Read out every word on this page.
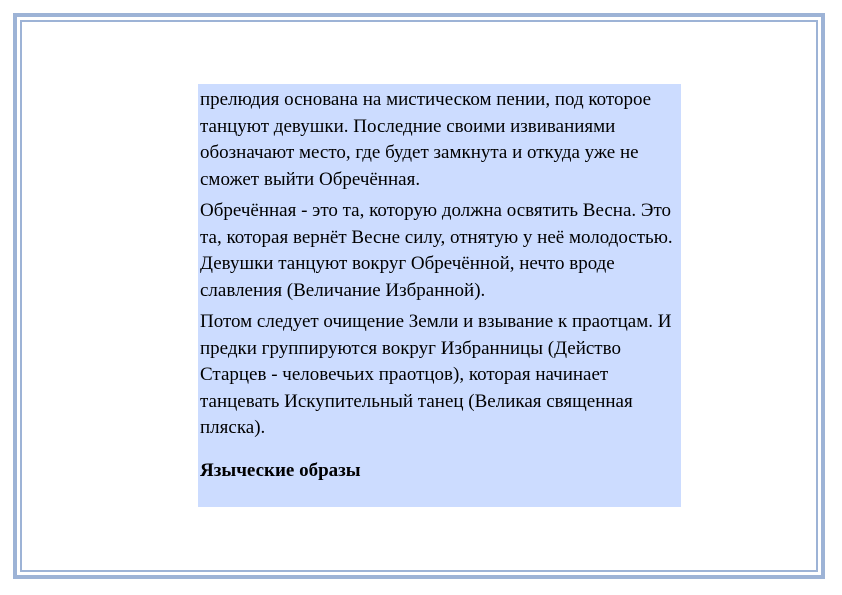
прелюдия основана на мистическом пении, под которое танцуют девушки. Последние своими извиваниями обозначают место, где будет замкнута и откуда уже не сможет выйти Обречённая.

Обречённая - это та, которую должна освятить Весна. Это та, которая вернёт Весне силу, отнятую у неё молодостью. Девушки танцуют вокруг Обречённой, нечто вроде славления (Величание Избранной).

Потом следует очищение Земли и взывание к праотцам. И предки группируются вокруг Избранницы (Действо Старцев - человечьих праотцов), которая начинает танцевать Искупительный танец (Великая священная пляска).

Языческие образы
